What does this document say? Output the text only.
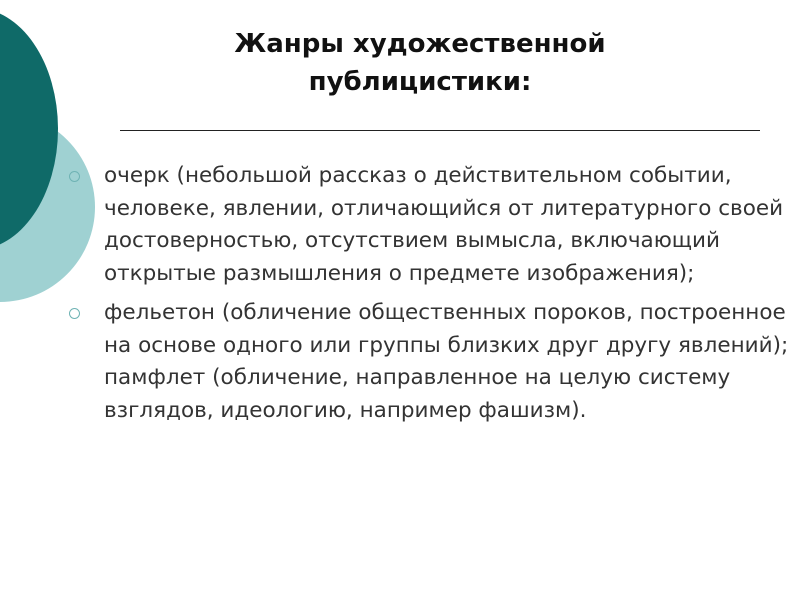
Жанры художественной
публицистики:
очерк (небольшой рассказ о действительном событии, человеке, явлении, отличающийся от литературного своей достоверностью, отсутствием вымысла, включающий открытые размышления о предмете изображения);
фельетон (обличение общественных пороков, построенное на основе одного или группы близких друг другу явлений); памфлет (обличение, направленное на целую систему взглядов, идеологию, например фашизм).
